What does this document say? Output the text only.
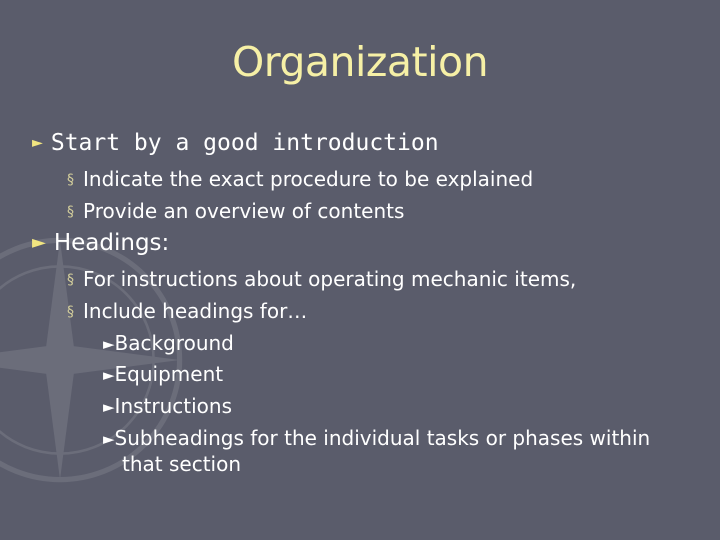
Organization
► Start by a good introduction
§ Indicate the exact procedure to be explained
§ Provide an overview of contents
► Headings:
§ For instructions about operating mechanic items,
§ Include headings for…
►Background
►Equipment
►Instructions
►Subheadings for the individual tasks or phases within
that section
